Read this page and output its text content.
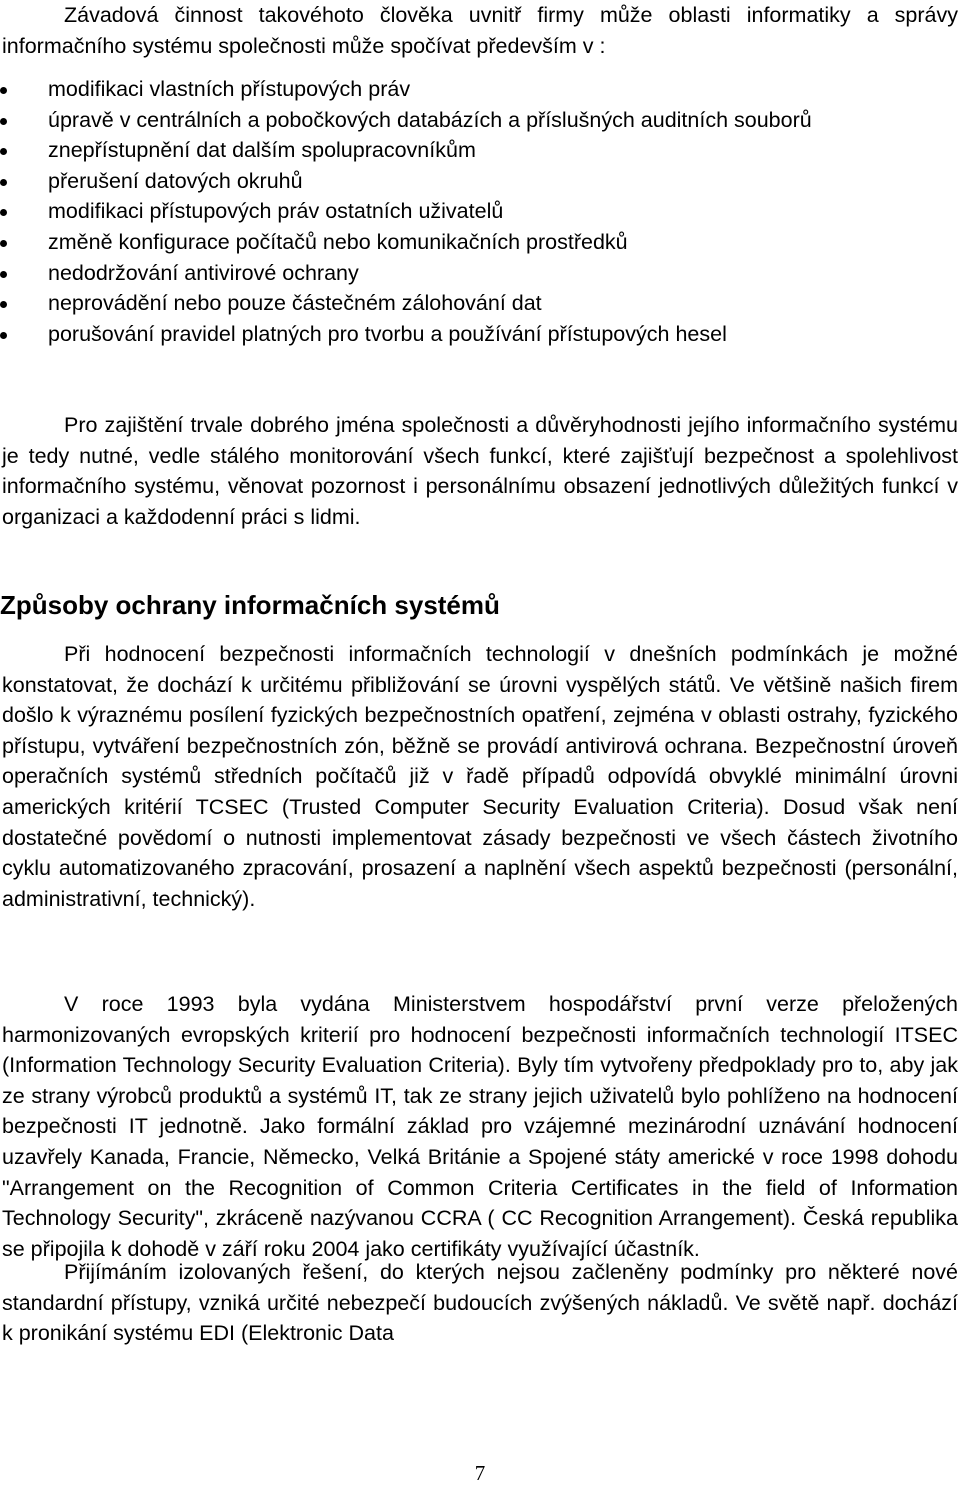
Závadová činnost takovéhoto člověka uvnitř firmy může oblasti informatiky a správy informačního systému společnosti může spočívat především v :

modifikaci vlastních přístupových práv
úpravě v centrálních a pobočkových databázích a příslušných auditních souborů
znepřístupnění dat dalším spolupracovníkům
přerušení datových okruhů
modifikaci přístupových práv ostatních uživatelů
změně konfigurace počítačů nebo komunikačních prostředků
nedodržování antivirové ochrany
neprovádění nebo pouze částečném zálohování dat
porušování pravidel platných pro tvorbu a používání přístupových hesel

Pro zajištění trvale dobrého jména společnosti a důvěryhodnosti jejího informačního systému je tedy nutné, vedle stálého monitorování všech funkcí, které zajišťují bezpečnost a spolehlivost informačního systému, věnovat pozornost i personálnímu obsazení jednotlivých důležitých funkcí v organizaci a každodenní práci s lidmi.

Způsoby ochrany informačních systémů

Při hodnocení bezpečnosti informačních technologií v dnešních podmínkách je možné konstatovat, že dochází k určitému přibližování se úrovni vyspělých států. Ve většině našich firem došlo k výraznému posílení fyzických bezpečnostních opatření, zejména v oblasti ostrahy, fyzického přístupu, vytváření bezpečnostních zón, běžně se provádí antivirová ochrana. Bezpečnostní úroveň operačních systémů středních počítačů již v řadě případů odpovídá obvyklé minimální úrovni amerických kritérií TCSEC (Trusted Computer Security Evaluation Criteria). Dosud však není dostatečné povědomí o nutnosti implementovat zásady bezpečnosti ve všech částech životního cyklu automatizovaného zpracování, prosazení a naplnění všech aspektů bezpečnosti (personální, administrativní, technický).

V roce 1993 byla vydána Ministerstvem hospodářství první verze přeložených harmonizovaných evropských kriterií pro hodnocení bezpečnosti informačních technologií ITSEC (Information Technology Security Evaluation Criteria). Byly tím vytvořeny předpoklady pro to, aby jak ze strany výrobců produktů a systémů IT, tak ze strany jejich uživatelů bylo pohlíženo na hodnocení bezpečnosti IT jednotně. Jako formální základ pro vzájemné mezinárodní uznávání hodnocení uzavřely Kanada, Francie, Německo, Velká Británie a Spojené státy americké v roce 1998 dohodu "Arrangement on the Recognition of Common Criteria Certificates in the field of Information Technology Security", zkráceně nazývanou CCRA ( CC Recognition Arrangement). Česká republika se připojila k dohodě v září roku 2004 jako certifikáty využívající účastník.

Přijímáním izolovaných řešení, do kterých nejsou začleněny podmínky pro některé nové standardní přístupy, vzniká určité nebezpečí budoucích zvýšených nákladů. Ve světě např. dochází k pronikání systému EDI (Elektronic Data

7
